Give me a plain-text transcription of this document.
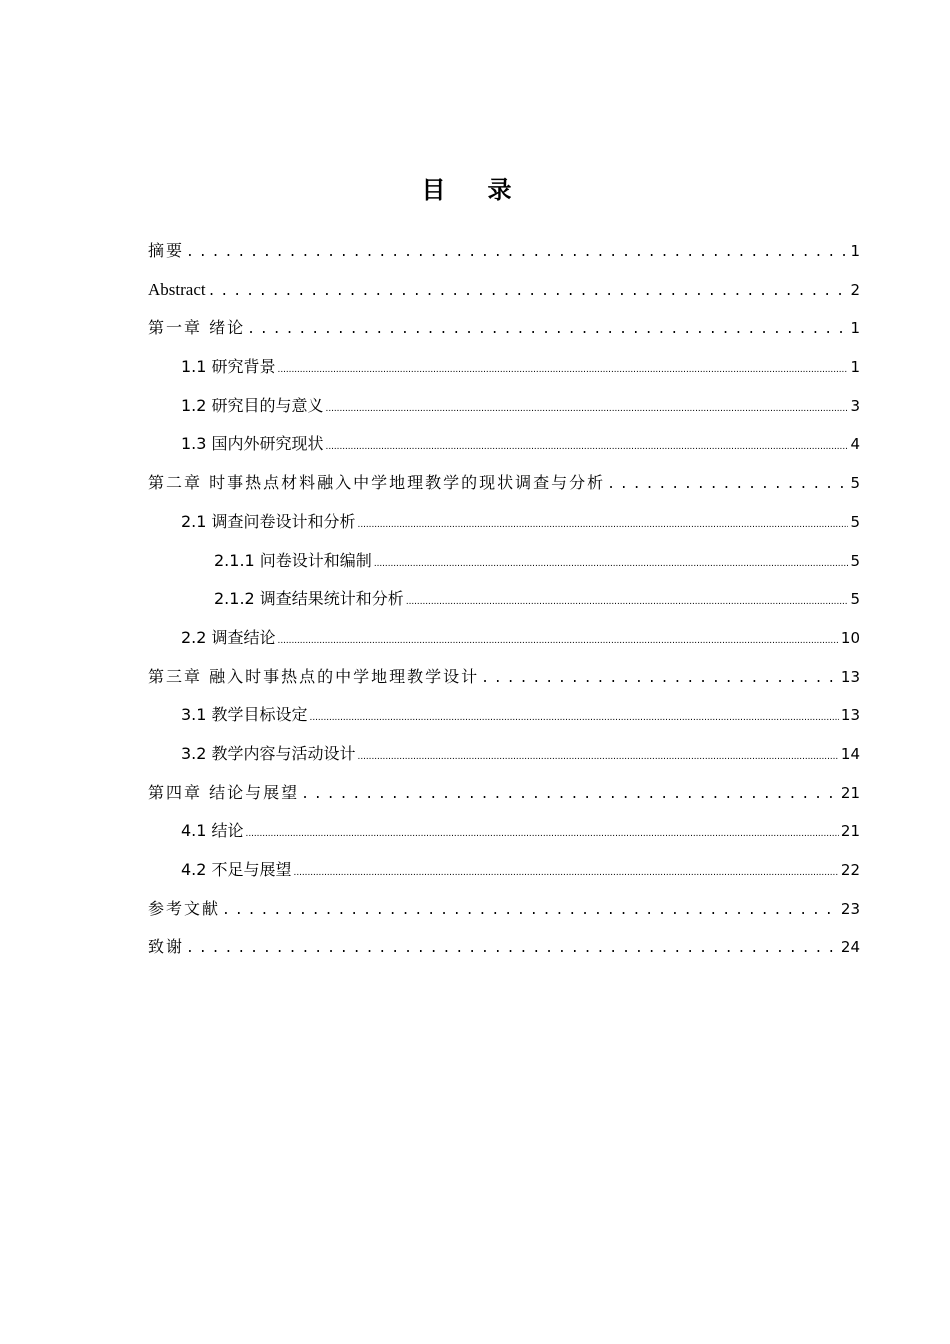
目录
摘要 .....	1
Abstract .....	2
第一章 绪论 .....	1
1.1 研究背景 .....	1
1.2 研究目的与意义 .....	3
1.3 国内外研究现状 .....	4
第二章 时事热点材料融入中学地理教学的现状调查与分析 .....	5
2.1 调查问卷设计和分析 .....	5
2.1.1 问卷设计和编制 .....	5
2.1.2 调查结果统计和分析 .....	5
2.2 调查结论 .....	10
第三章 融入时事热点的中学地理教学设计 .....	13
3.1 教学目标设定 .....	13
3.2 教学内容与活动设计 .....	14
第四章 结论与展望 .....	21
4.1 结论 .....	21
4.2 不足与展望 .....	22
参考文献 .....	23
致谢 .....	24
